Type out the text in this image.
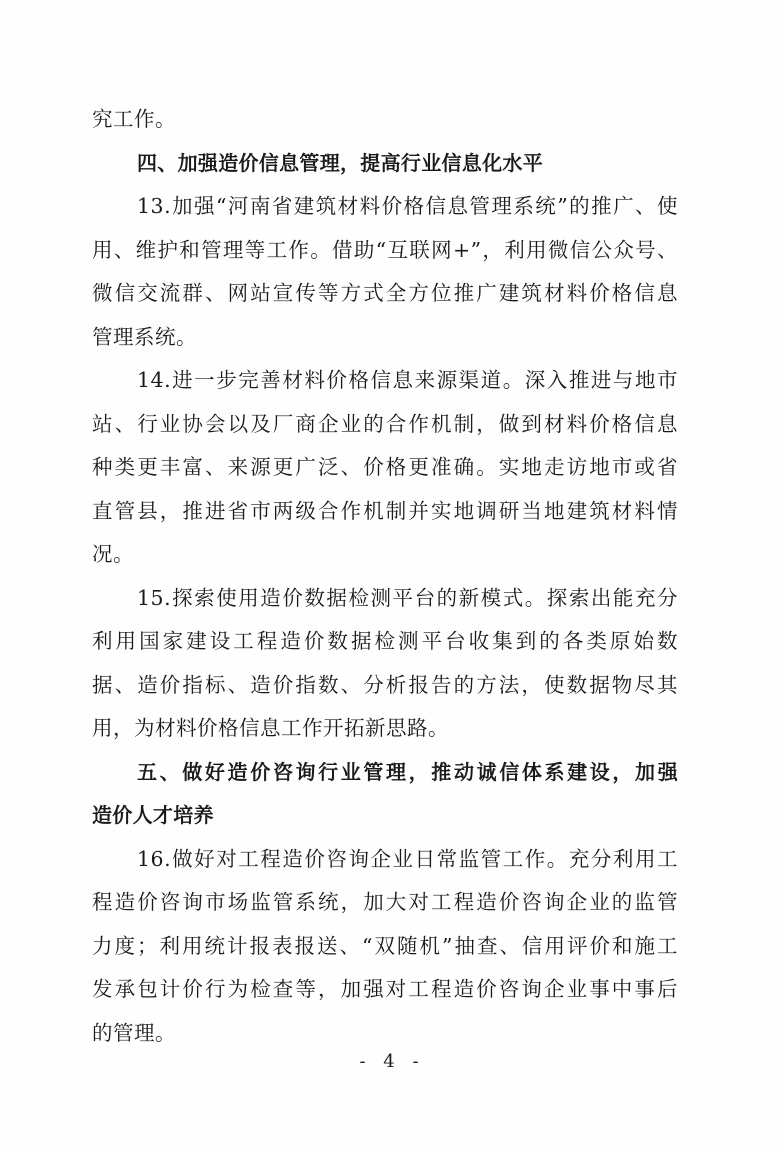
究工作。
四、加强造价信息管理，提高行业信息化水平
13.加强“河南省建筑材料价格信息管理系统”的推广、使
用、维护和管理等工作。借助“互联网+”，利用微信公众号、
微信交流群、网站宣传等方式全方位推广建筑材料价格信息
管理系统。
14.进一步完善材料价格信息来源渠道。深入推进与地市
站、行业协会以及厂商企业的合作机制，做到材料价格信息
种类更丰富、来源更广泛、价格更准确。实地走访地市或省
直管县，推进省市两级合作机制并实地调研当地建筑材料情
况。
15.探索使用造价数据检测平台的新模式。探索出能充分
利用国家建设工程造价数据检测平台收集到的各类原始数
据、造价指标、造价指数、分析报告的方法，使数据物尽其
用，为材料价格信息工作开拓新思路。
五、做好造价咨询行业管理，推动诚信体系建设，加强
造价人才培养
16.做好对工程造价咨询企业日常监管工作。充分利用工
程造价咨询市场监管系统，加大对工程造价咨询企业的监管
力度；利用统计报表报送、“双随机”抽查、信用评价和施工
发承包计价行为检查等，加强对工程造价咨询企业事中事后
的管理。
- 4 -
